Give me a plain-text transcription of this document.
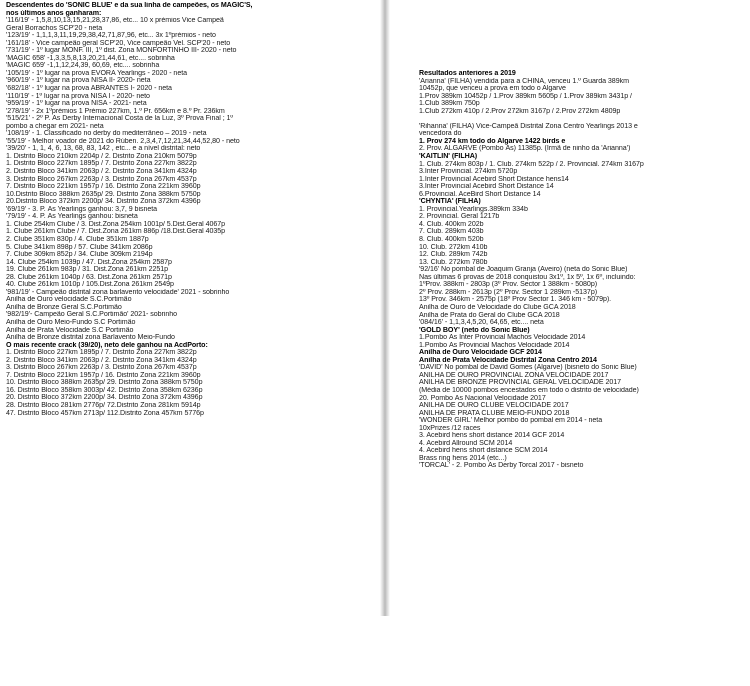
Descendentes do 'SONIC BLUE' e da sua linha de campeões, os MAGIC'S,
nos últimos anos ganharam:
'116/19' - 1,5,8,10,13,15,21,28,37,86, etc... 10 x prémios Vice Campeã
Geral Borrachos SCP'20 - neta
'123/19' - 1,1,1,3,11,19,29,38,42,71,87,96, etc... 3x 1ºprémios - neto
'161/18' - Vice campeão geral SCP'20, Vice campeão Vel. SCP'20 - neto
'731/19' - 1º lugar MONF. III, 1º dist. Zona MONFORTINHO III- 2020 - neto
'MAGIC 658' -1,3,3,5,8,13,20,21,44,61, etc.... sobrinha
'MAGIC 659' -1,1,12,24,39, 60,69, etc.... sobrinha
'105/19' - 1º lugar na prova EVORA Yearlings - 2020 - neta
'960/19' - 1º lugar na prova NISA II- 2020- neta
'682/18' - 1º lugar na prova ABRANTES I- 2020 - neta
'110/19' - 1º lugar na prova NISA I - 2020- neto
'959/19' - 1º lugar na prova NISA - 2021- neta
'278/19' - 2x 1ºprémios 1 Prémio 227km, 1.º Pr. 656km e 8.º Pr. 236km
'515/21' - 2º P. Ás Derby Internacional Costa de la Luz, 3º Prova Final ; 1º
pombo a chegar em 2021- neta
'108/19' - 1. Classificado no derby do mediterrâneo – 2019 - neta
'55/19' - Melhor voador de 2021 do Rúben. 2,3,4,7,12,21,34,44,52,80 - neto
'39/20' - 1, 1, 4, 6, 13, 68, 83, 142 , etc... e a nível distrital: neto
1. Distrito Bloco 210km 2204p / 2. Distrito Zona 210km 5079p
1. Distrito Bloco 227km 1895p / 7. Distrito Zona 227km 3822p
2. Distrito Bloco 341km 2063p / 2. Distrito Zona 341km 4324p
3. Distrito Bloco 267km 2263p / 3. Distrito Zona 267km 4537p
7. Distrito Bloco 221km 1957p / 16. Distrito Zona 221km 3960p
10.Distrito Bloco 388km 2635p/ 29. Distrito Zona 388km 5750p
20.Distrito Bloco 372km 2200p/ 34. Distrito Zona 372km 4396p
'69/19' - 3. P. Ás Yearlings ganhou: 3,7, 9 bisneta
'79/19' - 4. P. Ás Yearlings ganhou: bisneta
1. Clube 254km Clube / 3. Dist.Zona 254km 1001p/ 5.Dist.Geral 4067p
1. Clube 261km Clube / 7. Dist.Zona 261km 886p /18.Dist.Geral 4035p
2. Clube 351km 830p / 4. Clube 351km 1887p
5. Clube 341km 898p / 57. Clube 341km 2086p
7. Clube 309km 852p / 34. Clube 309km 2194p
14. Clube 254km 1039p / 47. Dist.Zona 254km 2587p
19. Clube 261km 983p / 31. Dist.Zona 261km 2251p
28. Clube 261km 1040p / 63. Dist.Zona 261km 2571p
40. Clube 261km 1010p / 105.Dist.Zona 261km 2549p
'981/19' - Campeão distrital zona barlavento velocidade' 2021 - sobrinho
Anilha de Ouro velocidade S.C.Portimão
Anilha de Bronze Geral S.C.Portimão
'982/19'- Campeão Geral S.C.Portimão' 2021- sobrinho
Anilha de Ouro Meio-Fundo S.C Portimão
Anilha de Prata Velocidade S.C Portimão
Anilha de Bronze distrital zona Barlavento Meio-Fundo
O mais recente crack (39/20), neto dele ganhou na AcdPorto:
1. Distrito Bloco 227km 1895p / 7. Distrito Zona 227km 3822p
2. Distrito Bloco 341km 2063p / 2. Distrito Zona 341km 4324p
3. Distrito Bloco 267km 2263p / 3. Distrito Zona 267km 4537p
7. Distrito Bloco 221km 1957p / 16. Distrito Zona 221km 3960p
10. Distrito Bloco 388km 2635p/ 29. Distrito Zona 388km 5750p
16. Distrito Bloco 358km 3003p/ 42. Distrito Zona 358km 6236p
20. Distrito Bloco 372km 2200p/ 34. Distrito Zona 372km 4396p
28. Distrito Bloco 281km 2776p/ 72.Distrito Zona 281km 5914p
47. Distrito Bloco 457km 2713p/ 112.Distrito Zona 457km 5776p
Resultados anteriores a 2019
'Arianna' (FILHA) vendida para a CHINA, venceu 1.º Guarda 389km
10452p, que venceu a prova em todo o Algarve
1.Prov 389km 10452p / 1.Prov 389km 5605p / 1.Prov 389km 3431p /
1.Club 389km 750p
1.Club 272km 410p / 2.Prov 272km 3167p / 2.Prov 272km 4809p
'Rihanna' (FILHA) Vice-Campeã Distrital Zona Centro Yearlings 2013 e
vencedora do
1. Prov 274 km todo do Algarve 1422 birds e
2. Prov. ALGARVE (Pombo Ás) 11385p. (Irmã de ninho da 'Arianna')
'KAITLIN' (FILHA)
1. Club. 274km 803p / 1. Club. 274km 522p / 2. Provincial. 274km 3167p
3.Inter Provincial. 274km 5720p
1.Inter Provincial Acebird Short Distance hens14
3.Inter Provincial Acebird Short Distance 14
6.Provincial. AceBird Short Distance 14
'CHYNTIA' (FILHA)
1. Provincial.Yearlings.389km 334b
2. Provincial. Geral 1217b
4. Club. 400km 202b
7. Club. 289km 403b
8. Club. 400km 520b
10. Club. 272km 410b
12. Club. 289km 742b
13. Club. 272km 780b
'92/16' No pombal de Joaquim Granja (Aveiro) (neta do Sonic Blue)
Nas últimas 6 provas de 2018 conquistou 3x1º, 1x 5º, 1x 6º, incluindo:
1ºProv. 388km - 2803p (3º Prov. Sector 1 388km - 5080p)
2º Prov. 288km - 2613p (2º Prov. Sector 1 289km -5137p)
13º Prov. 346km - 2575p (18º Prov Sector 1. 346 km - 5079p).
Anilha de Ouro de Velocidade do Clube GCA 2018
Anilha de Prata do Geral do Clube GCA 2018
'084/16' - 1,1,3,4,5,20, 64,65, etc.... neta
'GOLD BOY' (neto do Sonic Blue)
1.Pombo Ás Inter Provincial Machos Velocidade 2014
1.Pombo Ás Provincial Machos Velocidade 2014
Anilha de Ouro Velocidade GCF 2014
Anilha de Prata Velocidade Distrital Zona Centro 2014
'DAVID' No pombal de David Gomes (Algarve) (bisneto do Sonic Blue)
ANILHA DE OURO PROVINCIAL ZONA VELOCIDADE 2017
ANILHA DE BRONZE PROVINCIAL GERAL VELOCIDADE 2017
(Média de 10000 pombos encestados em todo o distrito de velocidade)
20. Pombo Ás Nacional Velocidade 2017
ANILHA DE OURO CLUBE VELOCIDADE 2017
ANILHA DE PRATA CLUBE MEIO-FUNDO 2018
'WONDER GIRL' Melhor pombo do pombal em 2014 - neta
10xPrizes /12 races
3. Acebird hens short distance 2014 GCF 2014
4. Acebird Allround SCM 2014
4. Acebird hens short distance SCM 2014
Brass ring hens 2014 (etc...)
'TORCAL' - 2. Pombo Ás Derby Torcal 2017 - bisneto
